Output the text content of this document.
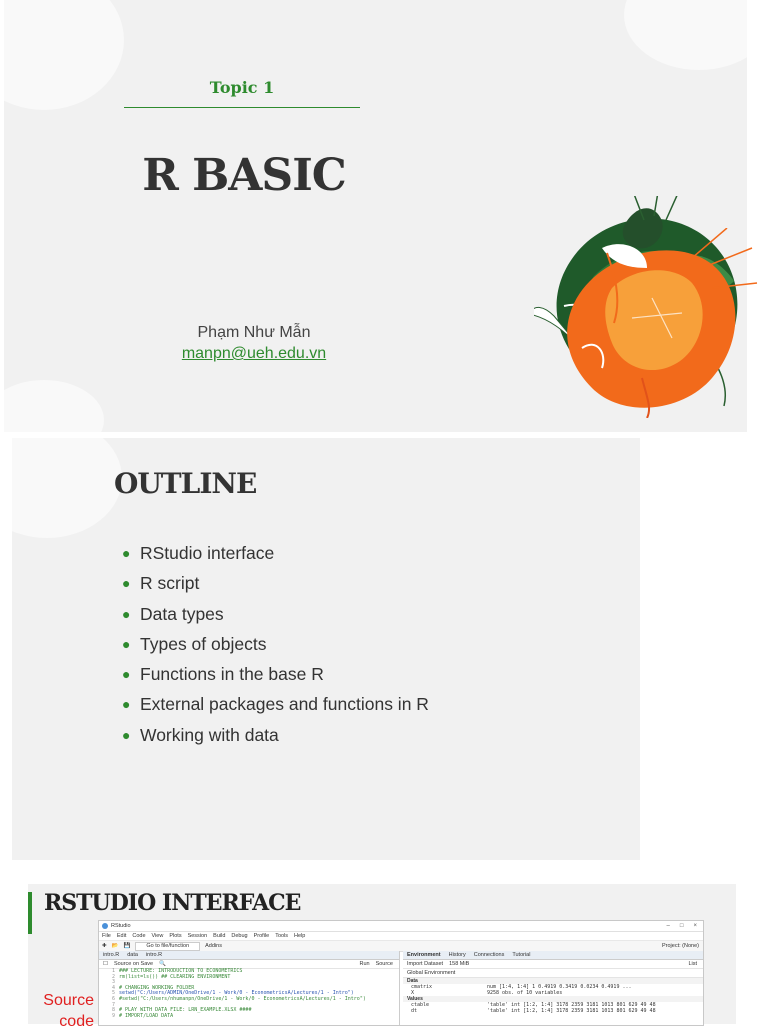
Topic 1
R BASIC
Phạm Như Mẫn
manpn@ueh.edu.vn
OUTLINE
● RStudio interface
● R script
● Data types
● Types of objects
● Functions in the base R
● External packages and functions in R
● Working with data
RSTUDIO INTERFACE
Source
code
RStudio	– □ ×
File Edit Code View Plots Session Build Debug Profile Tools Help
✚ 📂 💾	Go to file/function	Addins	Project: (None)
intro.R data intro.R
☐ Source on Save 🔍	Run Source
1 ### LECTURE: INTRODUCTION TO ECONOMETRICS
2 rm(list=ls()) ## CLEARING ENVIRONMENT
3
4 # CHANGING WORKING FOLDER
5 setwd("C:/Users/ADMIN/OneDrive/1 - Work/0 - EconometricsA/Lectures/1 - Intro")
6 #setwd("C:/Users/nhumanpn/OneDrive/1 - Work/0 - EconometricsA/Lectures/1 - Intro")
7
8 # PLAY WITH DATA FILE: LRN_EXAMPLE.XLSX ####
9 # IMPORT/LOAD DATA
Environment History Connections Tutorial
Import Dataset 158 MiB	List
Global Environment
Data
cmatrix	num [1:4, 1:4] 1 0.4919 0.3419 0.0234 0.4919 ...
X	9258 obs. of 10 variables
Values
ctable	'table' int [1:2, 1:4] 3178 2359 3181 1013 801 629 49 48
dt	'table' int [1:2, 1:4] 3178 2359 3181 1013 801 629 49 48
